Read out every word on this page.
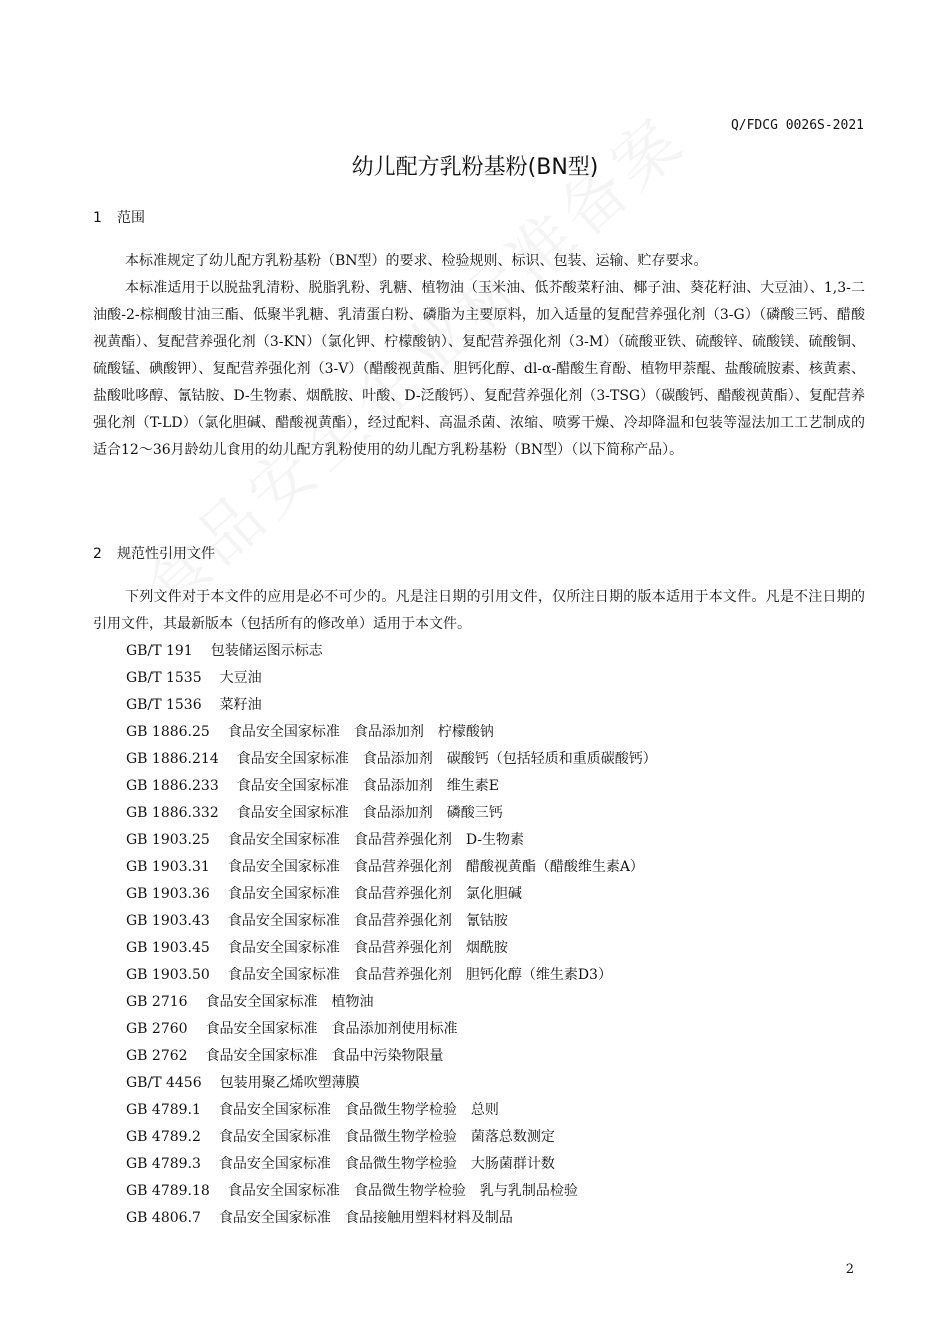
Q/FDCG 0026S-2021
幼儿配方乳粉基粉(BN型)
1 范围

本标准规定了幼儿配方乳粉基粉（BN型）的要求、检验规则、标识、包装、运输、贮存要求。

本标准适用于以脱盐乳清粉、脱脂乳粉、乳糖、植物油（玉米油、低芥酸菜籽油、椰子油、葵花籽油、大豆油）、1,3-二油酸-2-棕榈酸甘油三酯、低聚半乳糖、乳清蛋白粉、磷脂为主要原料，加入适量的复配营养强化剂（3-G）（磷酸三钙、醋酸视黄酯）、复配营养强化剂（3-KN）（氯化钾、柠檬酸钠）、复配营养强化剂（3-M）（硫酸亚铁、硫酸锌、硫酸镁、硫酸铜、硫酸锰、碘酸钾）、复配营养强化剂（3-V）（醋酸视黄酯、胆钙化醇、dl-α-醋酸生育酚、植物甲萘醌、盐酸硫胺素、核黄素、盐酸吡哆醇、氰钴胺、D-生物素、烟酰胺、叶酸、D-泛酸钙）、复配营养强化剂（3-TSG）（碳酸钙、醋酸视黄酯）、复配营养强化剂（T-LD）（氯化胆碱、醋酸视黄酯），经过配料、高温杀菌、浓缩、喷雾干燥、冷却降温和包装等湿法加工工艺制成的适合12～36月龄幼儿食用的幼儿配方乳粉使用的幼儿配方乳粉基粉（BN型）（以下简称产品）。

2 规范性引用文件

下列文件对于本文件的应用是必不可少的。凡是注日期的引用文件，仅所注日期的版本适用于本文件。凡是不注日期的引用文件，其最新版本（包括所有的修改单）适用于本文件。

GB/T 191 包装储运图示标志
GB/T 1535 大豆油
GB/T 1536 菜籽油
GB 1886.25 食品安全国家标准　食品添加剂　柠檬酸钠
GB 1886.214 食品安全国家标准　食品添加剂　碳酸钙（包括轻质和重质碳酸钙）
GB 1886.233 食品安全国家标准　食品添加剂　维生素E
GB 1886.332 食品安全国家标准　食品添加剂　磷酸三钙
GB 1903.25 食品安全国家标准　食品营养强化剂　D-生物素
GB 1903.31 食品安全国家标准　食品营养强化剂　醋酸视黄酯（醋酸维生素A）
GB 1903.36 食品安全国家标准　食品营养强化剂　氯化胆碱
GB 1903.43 食品安全国家标准　食品营养强化剂　氰钴胺
GB 1903.45 食品安全国家标准　食品营养强化剂　烟酰胺
GB 1903.50 食品安全国家标准　食品营养强化剂　胆钙化醇（维生素D3）
GB 2716 食品安全国家标准　植物油
GB 2760 食品安全国家标准　食品添加剂使用标准
GB 2762 食品安全国家标准　食品中污染物限量
GB/T 4456 包装用聚乙烯吹塑薄膜
GB 4789.1 食品安全国家标准　食品微生物学检验　总则
GB 4789.2 食品安全国家标准　食品微生物学检验　菌落总数测定
GB 4789.3 食品安全国家标准　食品微生物学检验　大肠菌群计数
GB 4789.18 食品安全国家标准　食品微生物学检验　乳与乳制品检验
GB 4806.7 食品安全国家标准　食品接触用塑料材料及制品
2
